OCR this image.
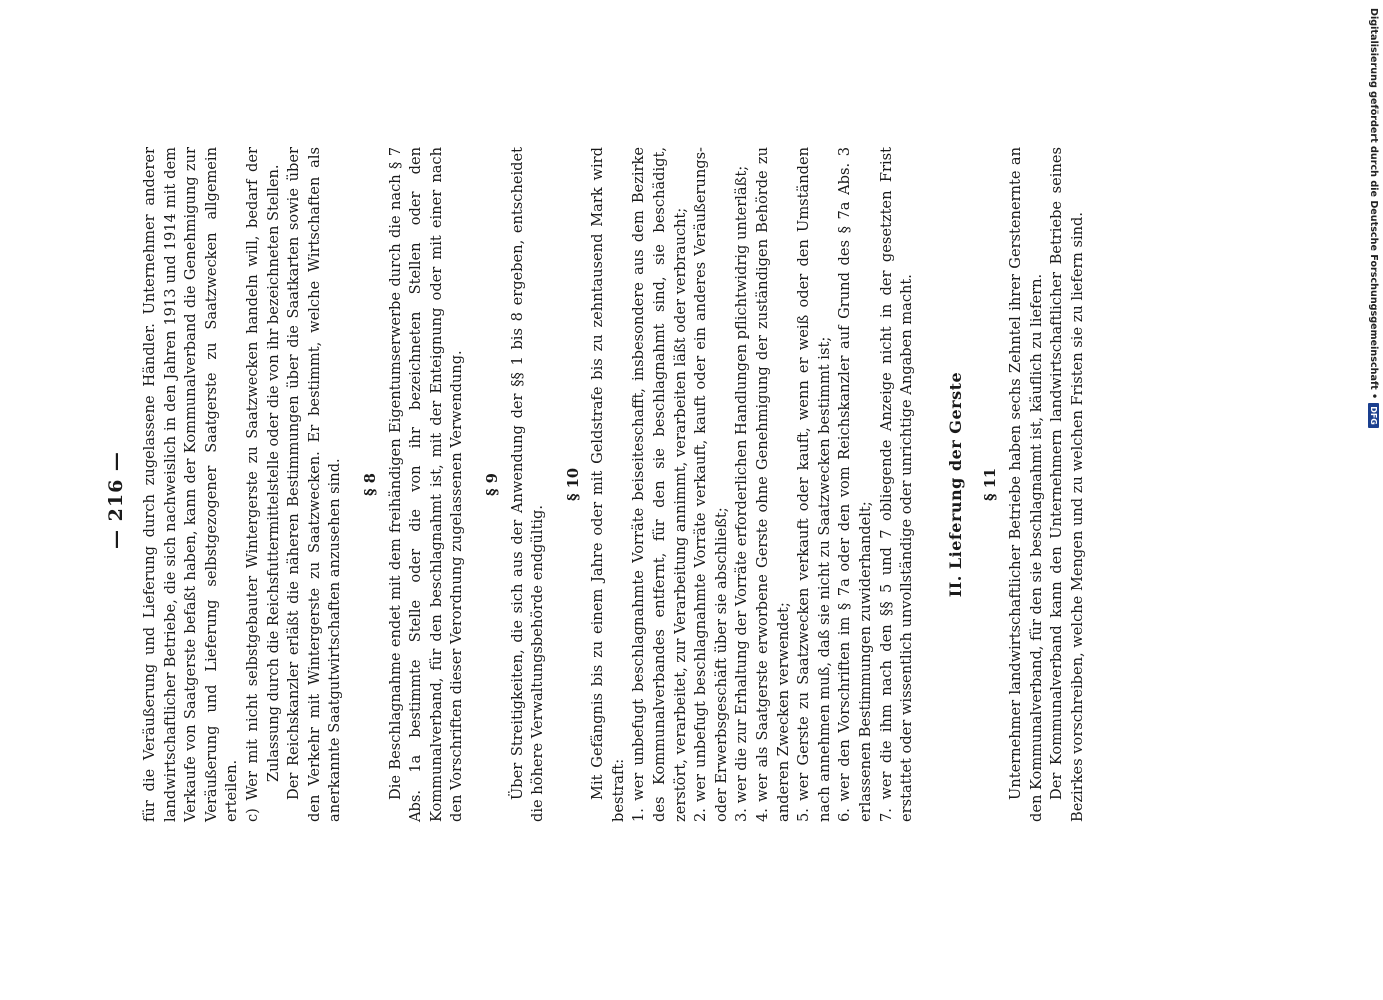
— 216 — für die Veräußerung und Lieferung durch zugelassene Händler. Unternehmer anderer landwirtschaftlicher Betriebe, die sich nachweislich in den Jahren 1913 und 1914 mit dem Verkaufe von Saatgerste befaßt haben, kann der Kommunalverband die Genehmigung zur Veräußerung und Lieferung selbstgezogener Saatgerste zu Saatzwecken allgemein erteilen. c) Wer mit nicht selbstgebauter Wintergerste zu Saatzwecken handeln will, bedarf der Zulassung durch die Reichsfuttermittelstelle oder die von ihr bezeichneten Stellen. Der Reichskanzler erläßt die näheren Bestimmungen über die Saatkarten sowie über den Verkehr mit Wintergerste zu Saatzwecken. Er bestimmt, welche Wirtschaften als anerkannte Saatgutwirtschaften anzusehen sind. § 8 Die Beschlagnahme endet mit dem freihändigen Eigentumserwerbe durch die nach § 7 Abs. 1a bestimmte Stelle oder die von ihr bezeichneten Stellen oder den Kommunalverband, für den beschlagnahmt ist, mit der Enteignung oder mit einer nach den Vorschriften dieser Verordnung zugelassenen Verwendung. § 9 Über Streitigkeiten, die sich aus der Anwendung der §§ 1 bis 8 ergeben, entscheidet die höhere Verwaltungsbehörde endgültig.

§ 10 Mit Gefängnis bis zu einem Jahre oder mit Geldstrafe bis zu zehntausend Mark wird bestraft: 1. wer unbefugt beschlagnahmte Vorräte beiseiteschafft, insbesondere aus dem Bezirke des Kommunalverbandes entfernt, für den sie beschlagnahmt sind, sie beschädigt, zerstört, verarbeitet, zur Verarbeitung annimmt, verarbeiten läßt oder verbraucht; 2. wer unbefugt beschlagnahmte Vorräte verkauft, kauft oder ein anderes Veräußerungs- oder Erwerbsgeschäft über sie abschließt; 3. wer die zur Erhaltung der Vorräte erforderlichen Handlungen pflichtwidrig unterläßt; 4. wer als Saatgerste erworbene Gerste ohne Genehmigung der zuständigen Behörde zu anderen Zwecken verwendet; 5. wer Gerste zu Saatzwecken verkauft oder kauft, wenn er weiß oder den Umständen nach annehmen muß, daß sie nicht zu Saatzwecken bestimmt ist; 6. wer den Vorschriften im § 7a oder den vom Reichskanzler auf Grund des § 7a Abs. 3 erlassenen Bestimmungen zuwiderhandelt; 7. wer die ihm nach den §§ 5 und 7 obliegende Anzeige nicht in der gesetzten Frist erstattet oder wissentlich unvollständige oder unrichtige Angaben macht. II. Lieferung der Gerste § 11 Unternehmer landwirtschaftlicher Betriebe haben sechs Zehntel ihrer Gerstenernte an den Kommunalverband, für den sie beschlagnahmt ist, käuflich zu liefern. Der Kommunalverband kann den Unternehmern landwirtschaftlicher Betriebe seines Bezirkes vorschreiben, welche Mengen und zu welchen Fristen sie zu liefern sind.

Digitalisierung gefördert durch die Deutsche Forschungsgemeinschaft •
DFG
